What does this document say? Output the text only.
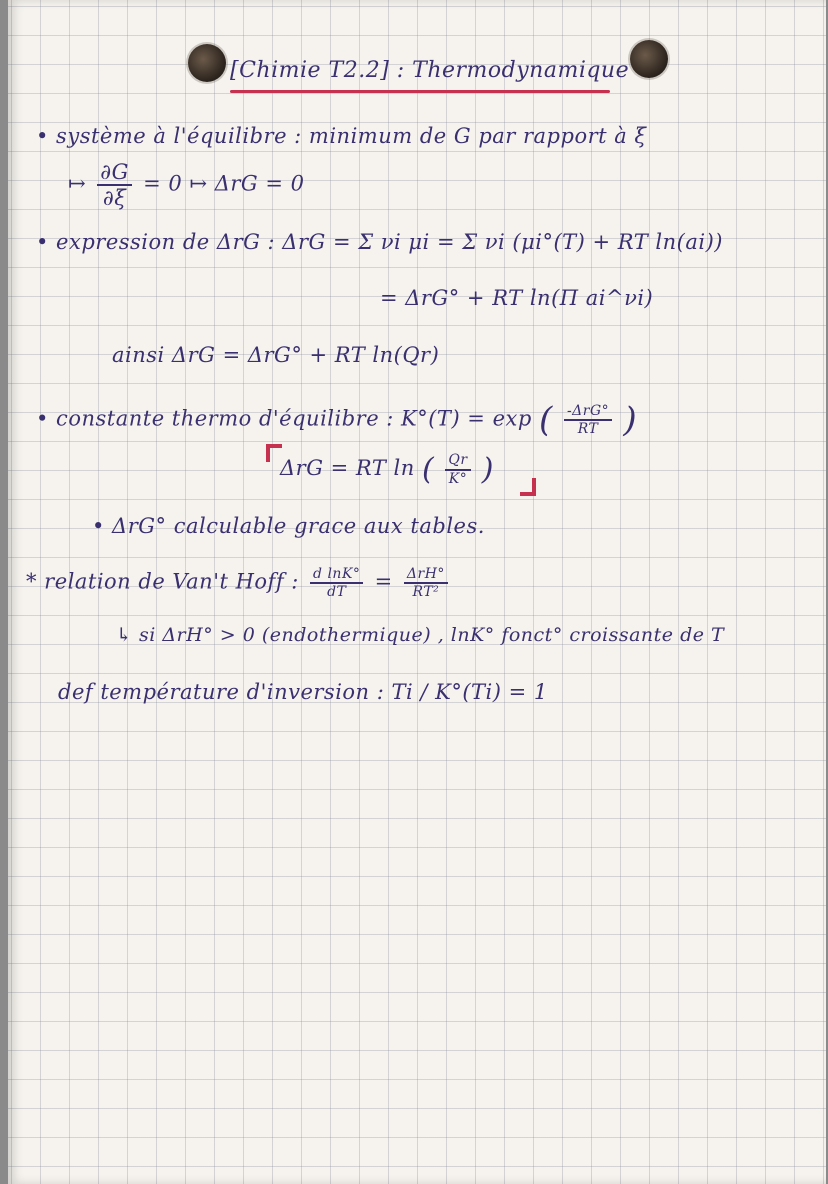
[Chimie T2.2] : Thermodynamique
• système à l'équilibre : minimum de G par rapport à ξ
↦ $\frac{\partial G}{\partial\xi} = 0$ ↦ ΔrG = 0
• expression de ΔrG : ΔrG = Σ νi μi = Σ νi (μi°(T) + RT ln(ai))
= ΔrG° + RT ln(Π ai^νi)
ainsi ΔrG = ΔrG° + RT ln(Qr)
• constante thermo d'équilibre : K°(T) = exp ( $\frac{\text{-ΔrG°}}{RT}$ )
ΔrG = RT ln ( $\frac{Qr}{K^\circ}$ )
• ΔrG° calculable grace aux tables.
* relation de Van't Hoff : $\frac{\text{d lnK°}}{dT} = \frac{\text{ΔrH°}}{\text{RT²}}$
↳ si ΔrH° > 0 (endothermique) , lnK° fonct° croissante de T
def température d'inversion : Ti / K°(Ti) = 1
